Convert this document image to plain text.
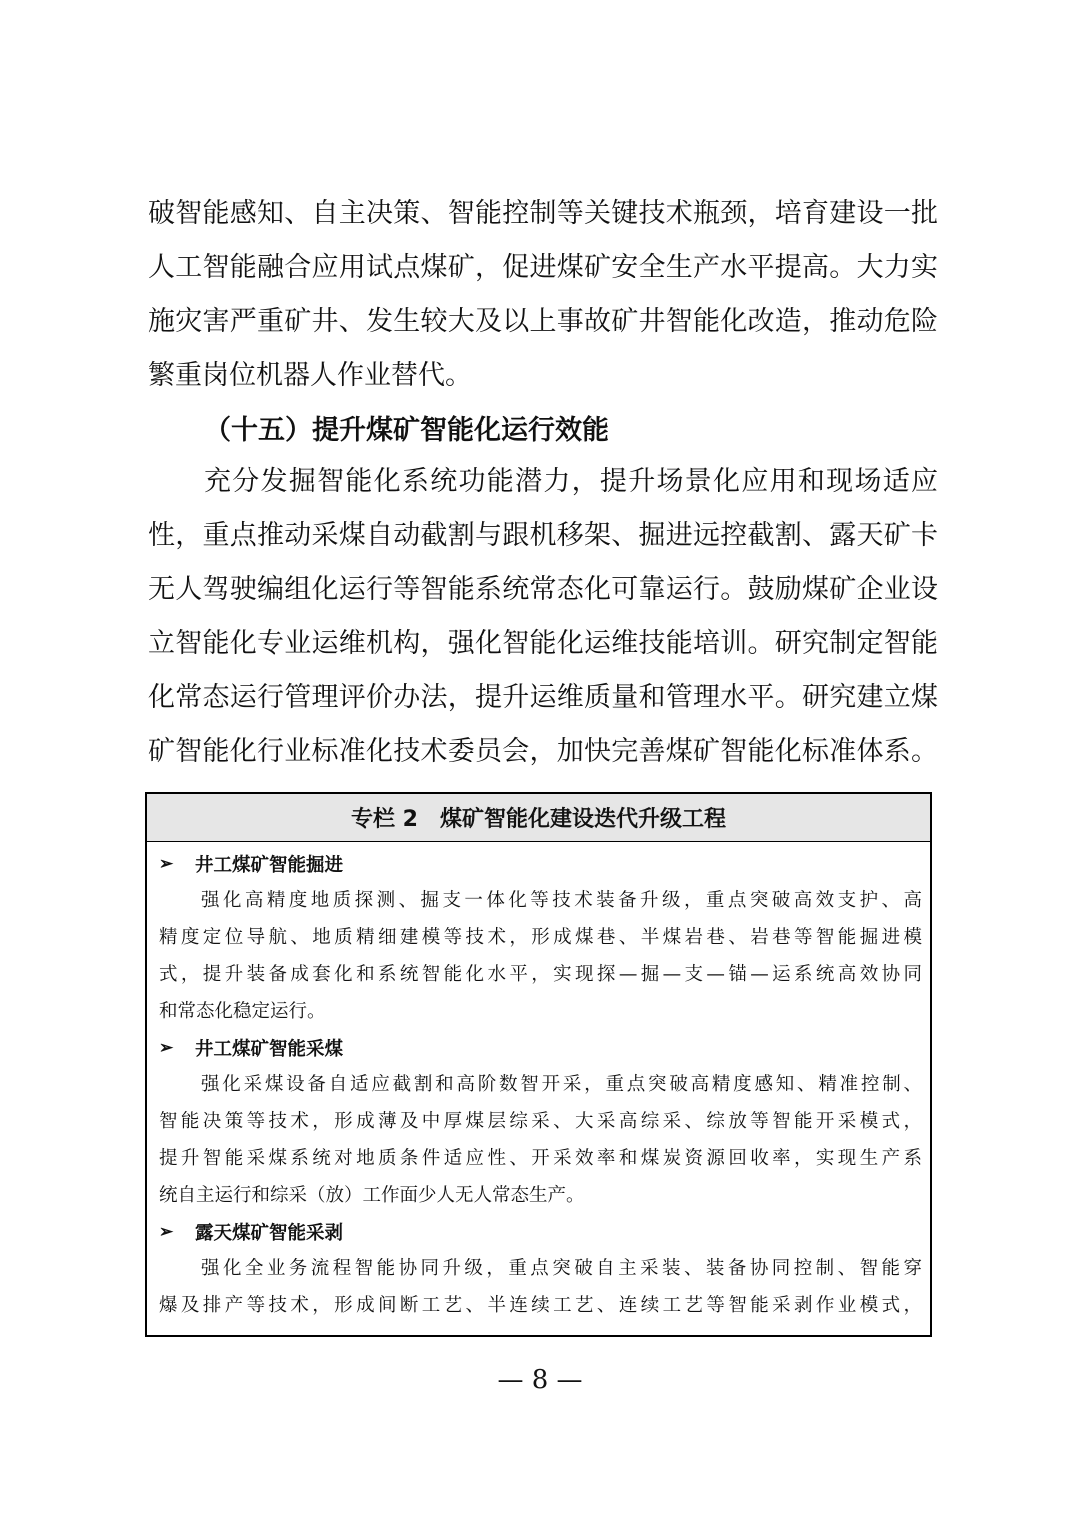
破智能感知、自主决策、智能控制等关键技术瓶颈，培育建设一批
人工智能融合应用试点煤矿，促进煤矿安全生产水平提高。大力实
施灾害严重矿井、发生较大及以上事故矿井智能化改造，推动危险
繁重岗位机器人作业替代。
（十五）提升煤矿智能化运行效能
充分发掘智能化系统功能潜力，提升场景化应用和现场适应
性，重点推动采煤自动截割与跟机移架、掘进远控截割、露天矿卡
无人驾驶编组化运行等智能系统常态化可靠运行。鼓励煤矿企业设
立智能化专业运维机构，强化智能化运维技能培训。研究制定智能
化常态运行管理评价办法，提升运维质量和管理水平。研究建立煤
矿智能化行业标准化技术委员会，加快完善煤矿智能化标准体系。
专栏 2　煤矿智能化建设迭代升级工程
➢	井工煤矿智能掘进
强化高精度地质探测、掘支一体化等技术装备升级，重点突破高效支护、高
精度定位导航、地质精细建模等技术，形成煤巷、半煤岩巷、岩巷等智能掘进模
式，提升装备成套化和系统智能化水平，实现探—掘—支—锚—运系统高效协同
和常态化稳定运行。
➢	井工煤矿智能采煤
强化采煤设备自适应截割和高阶数智开采，重点突破高精度感知、精准控制、
智能决策等技术，形成薄及中厚煤层综采、大采高综采、综放等智能开采模式，
提升智能采煤系统对地质条件适应性、开采效率和煤炭资源回收率，实现生产系
统自主运行和综采（放）工作面少人无人常态生产。
➢	露天煤矿智能采剥
强化全业务流程智能协同升级，重点突破自主采装、装备协同控制、智能穿
爆及排产等技术，形成间断工艺、半连续工艺、连续工艺等智能采剥作业模式，
— 8 —
